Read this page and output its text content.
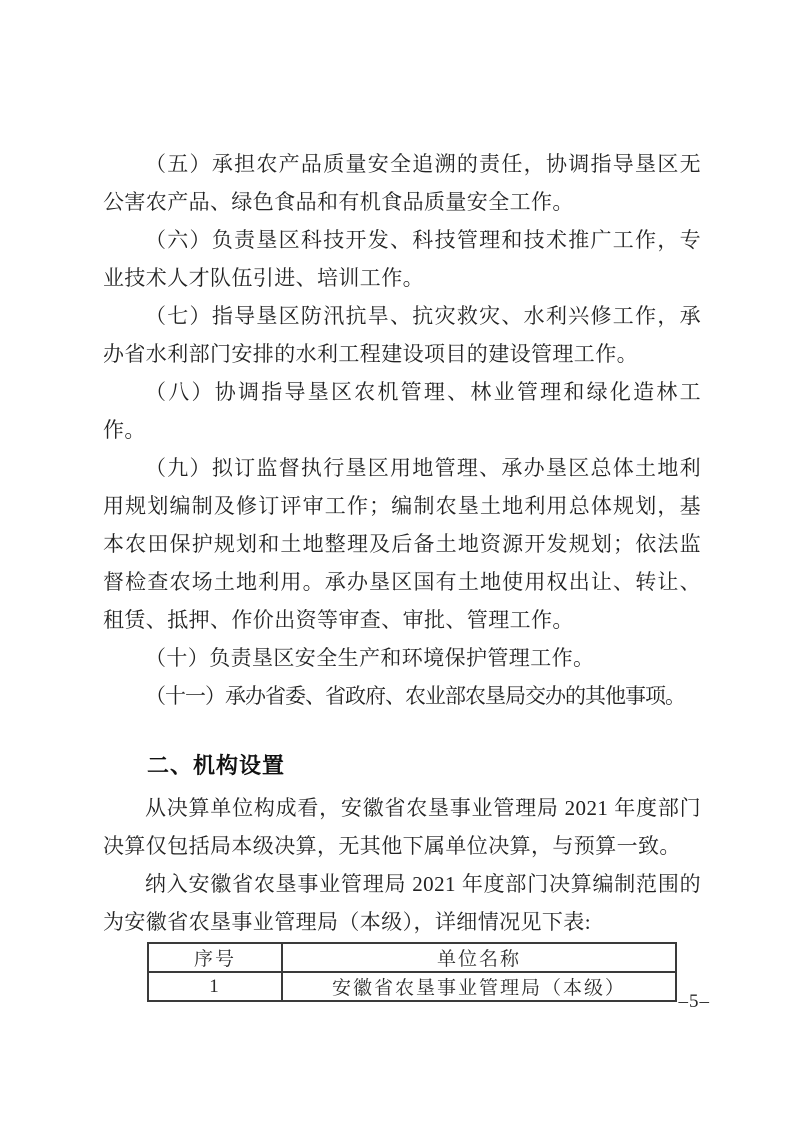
（五）承担农产品质量安全追溯的责任，协调指导垦区无公害农产品、绿色食品和有机食品质量安全工作。

（六）负责垦区科技开发、科技管理和技术推广工作，专业技术人才队伍引进、培训工作。

（七）指导垦区防汛抗旱、抗灾救灾、水利兴修工作，承办省水利部门安排的水利工程建设项目的建设管理工作。

（八）协调指导垦区农机管理、林业管理和绿化造林工作。

（九）拟订监督执行垦区用地管理、承办垦区总体土地利用规划编制及修订评审工作；编制农垦土地利用总体规划，基本农田保护规划和土地整理及后备土地资源开发规划；依法监督检查农场土地利用。承办垦区国有土地使用权出让、转让、租赁、抵押、作价出资等审查、审批、管理工作。

（十）负责垦区安全生产和环境保护管理工作。

（十一）承办省委、省政府、农业部农垦局交办的其他事项。

二、机构设置

从决算单位构成看，安徽省农垦事业管理局 2021 年度部门决算仅包括局本级决算，无其他下属单位决算，与预算一致。

纳入安徽省农垦事业管理局 2021 年度部门决算编制范围的为安徽省农垦事业管理局（本级），详细情况见下表:

序号	单位名称
1	安徽省农垦事业管理局（本级）
–5–
